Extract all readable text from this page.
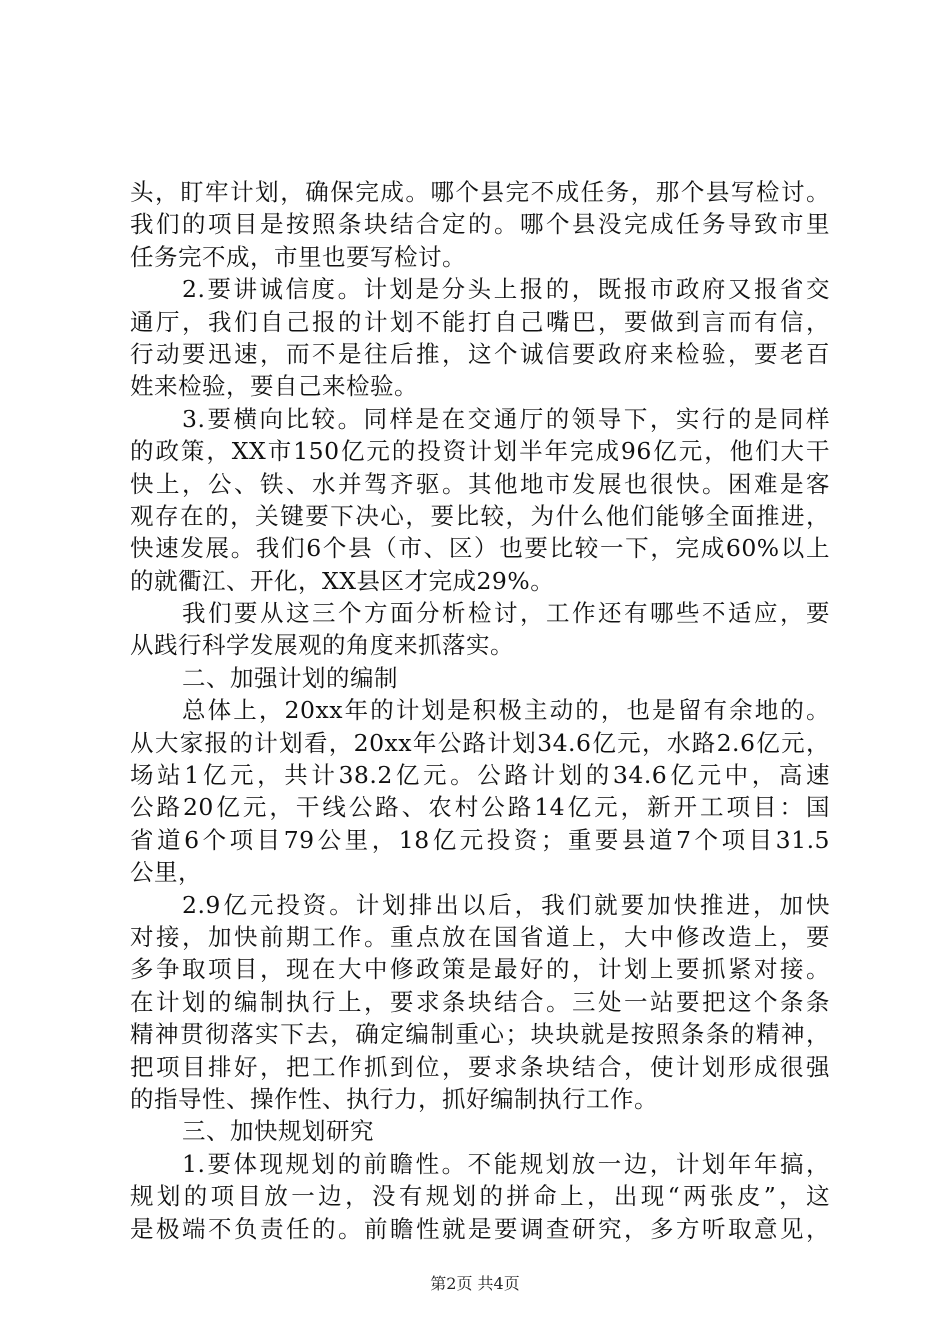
头，盯牢计划，确保完成。哪个县完不成任务，那个县写检讨。
我们的项目是按照条块结合定的。哪个县没完成任务导致市里
任务完不成，市里也要写检讨。
2.要讲诚信度。计划是分头上报的，既报市政府又报省交
通厅，我们自己报的计划不能打自己嘴巴，要做到言而有信，
行动要迅速，而不是往后推，这个诚信要政府来检验，要老百
姓来检验，要自己来检验。
3.要横向比较。同样是在交通厅的领导下，实行的是同样
的政策，XX市150亿元的投资计划半年完成96亿元，他们大干
快上，公、铁、水并驾齐驱。其他地市发展也很快。困难是客
观存在的，关键要下决心，要比较，为什么他们能够全面推进，
快速发展。我们6个县（市、区）也要比较一下，完成60%以上
的就衢江、开化，XX县区才完成29%。
我们要从这三个方面分析检讨，工作还有哪些不适应，要
从践行科学发展观的角度来抓落实。
二、加强计划的编制
总体上，20xx年的计划是积极主动的，也是留有余地的。
从大家报的计划看，20xx年公路计划34.6亿元，水路2.6亿元，
场站1亿元，共计38.2亿元。公路计划的34.6亿元中，高速
公路20亿元，干线公路、农村公路14亿元，新开工项目：国
省道6个项目79公里，18亿元投资；重要县道7个项目31.5
公里，
2.9亿元投资。计划排出以后，我们就要加快推进，加快
对接，加快前期工作。重点放在国省道上，大中修改造上，要
多争取项目，现在大中修政策是最好的，计划上要抓紧对接。
在计划的编制执行上，要求条块结合。三处一站要把这个条条
精神贯彻落实下去，确定编制重心；块块就是按照条条的精神，
把项目排好，把工作抓到位，要求条块结合，使计划形成很强
的指导性、操作性、执行力，抓好编制执行工作。
三、加快规划研究
1.要体现规划的前瞻性。不能规划放一边，计划年年搞，
规划的项目放一边，没有规划的拼命上，出现“两张皮”，这
是极端不负责任的。前瞻性就是要调查研究，多方听取意见，
第2页 共4页
